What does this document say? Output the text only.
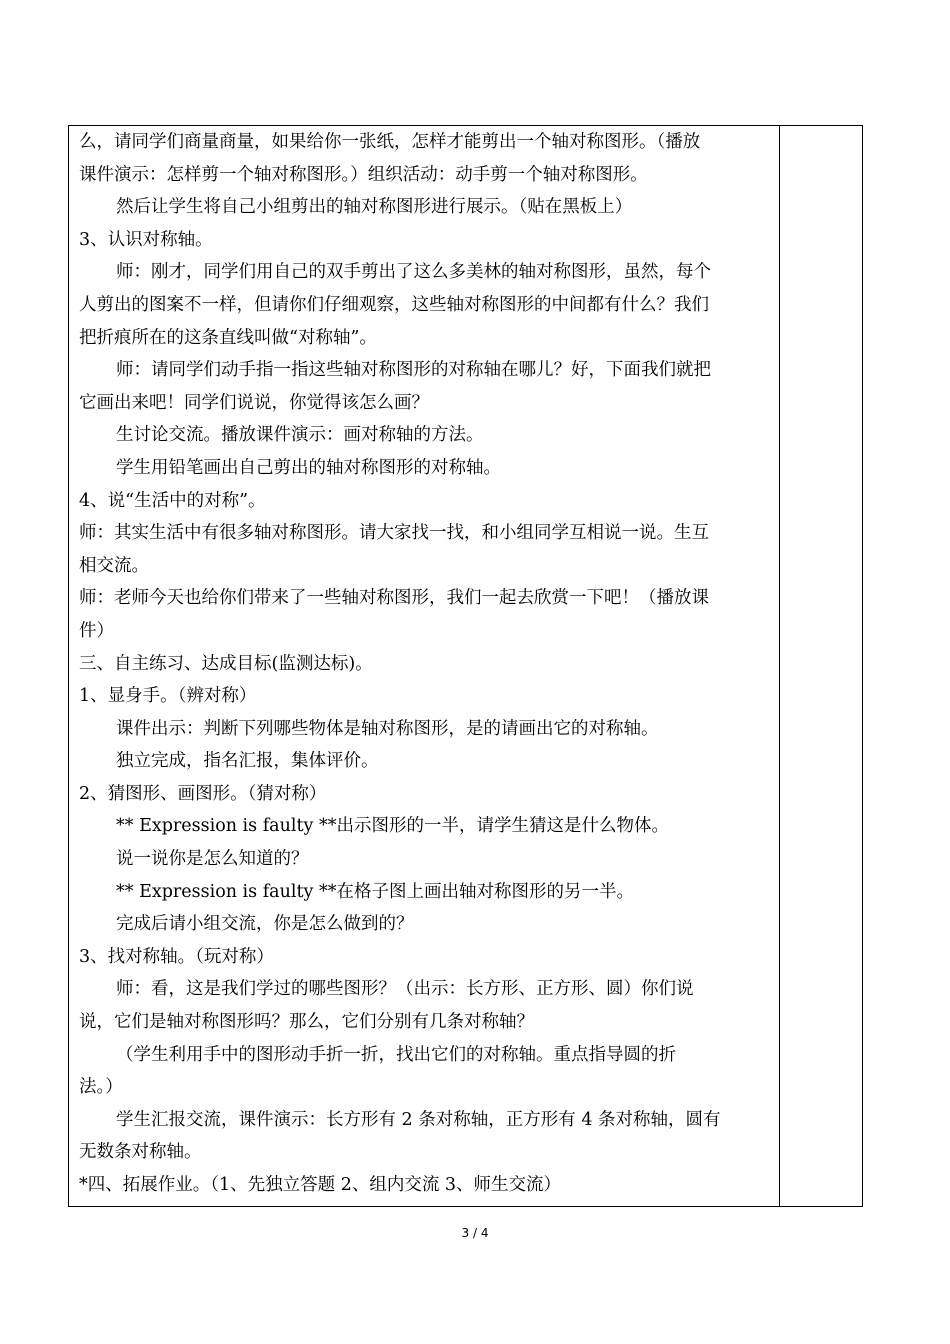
么，请同学们商量商量，如果给你一张纸，怎样才能剪出一个轴对称图形。（播放
课件演示：怎样剪一个轴对称图形。）组织活动：动手剪一个轴对称图形。
然后让学生将自己小组剪出的轴对称图形进行展示。（贴在黑板上）
3、认识对称轴。
师：刚才，同学们用自己的双手剪出了这么多美林的轴对称图形，虽然，每个
人剪出的图案不一样，但请你们仔细观察，这些轴对称图形的中间都有什么？我们
把折痕所在的这条直线叫做“对称轴”。
师：请同学们动手指一指这些轴对称图形的对称轴在哪儿？好，下面我们就把
它画出来吧！同学们说说，你觉得该怎么画？
生讨论交流。播放课件演示：画对称轴的方法。
学生用铅笔画出自己剪出的轴对称图形的对称轴。
4、说“生活中的对称”。
师：其实生活中有很多轴对称图形。请大家找一找，和小组同学互相说一说。生互
相交流。
师：老师今天也给你们带来了一些轴对称图形，我们一起去欣赏一下吧！（播放课
件）
三、自主练习、达成目标(监测达标)。
1、显身手。（辨对称）
课件出示：判断下列哪些物体是轴对称图形，是的请画出它的对称轴。
独立完成，指名汇报，集体评价。
2、猜图形、画图形。（猜对称）
** Expression is faulty **出示图形的一半，请学生猜这是什么物体。
说一说你是怎么知道的？
** Expression is faulty **在格子图上画出轴对称图形的另一半。
完成后请小组交流，你是怎么做到的？
3、找对称轴。（玩对称）
师：看，这是我们学过的哪些图形？（出示：长方形、正方形、圆）你们说
说，它们是轴对称图形吗？那么，它们分别有几条对称轴？
（学生利用手中的图形动手折一折，找出它们的对称轴。重点指导圆的折
法。）
学生汇报交流，课件演示：长方形有 2 条对称轴，正方形有 4 条对称轴，圆有
无数条对称轴。
*四、拓展作业。（1、先独立答题 2、组内交流 3、师生交流）
3 / 4
